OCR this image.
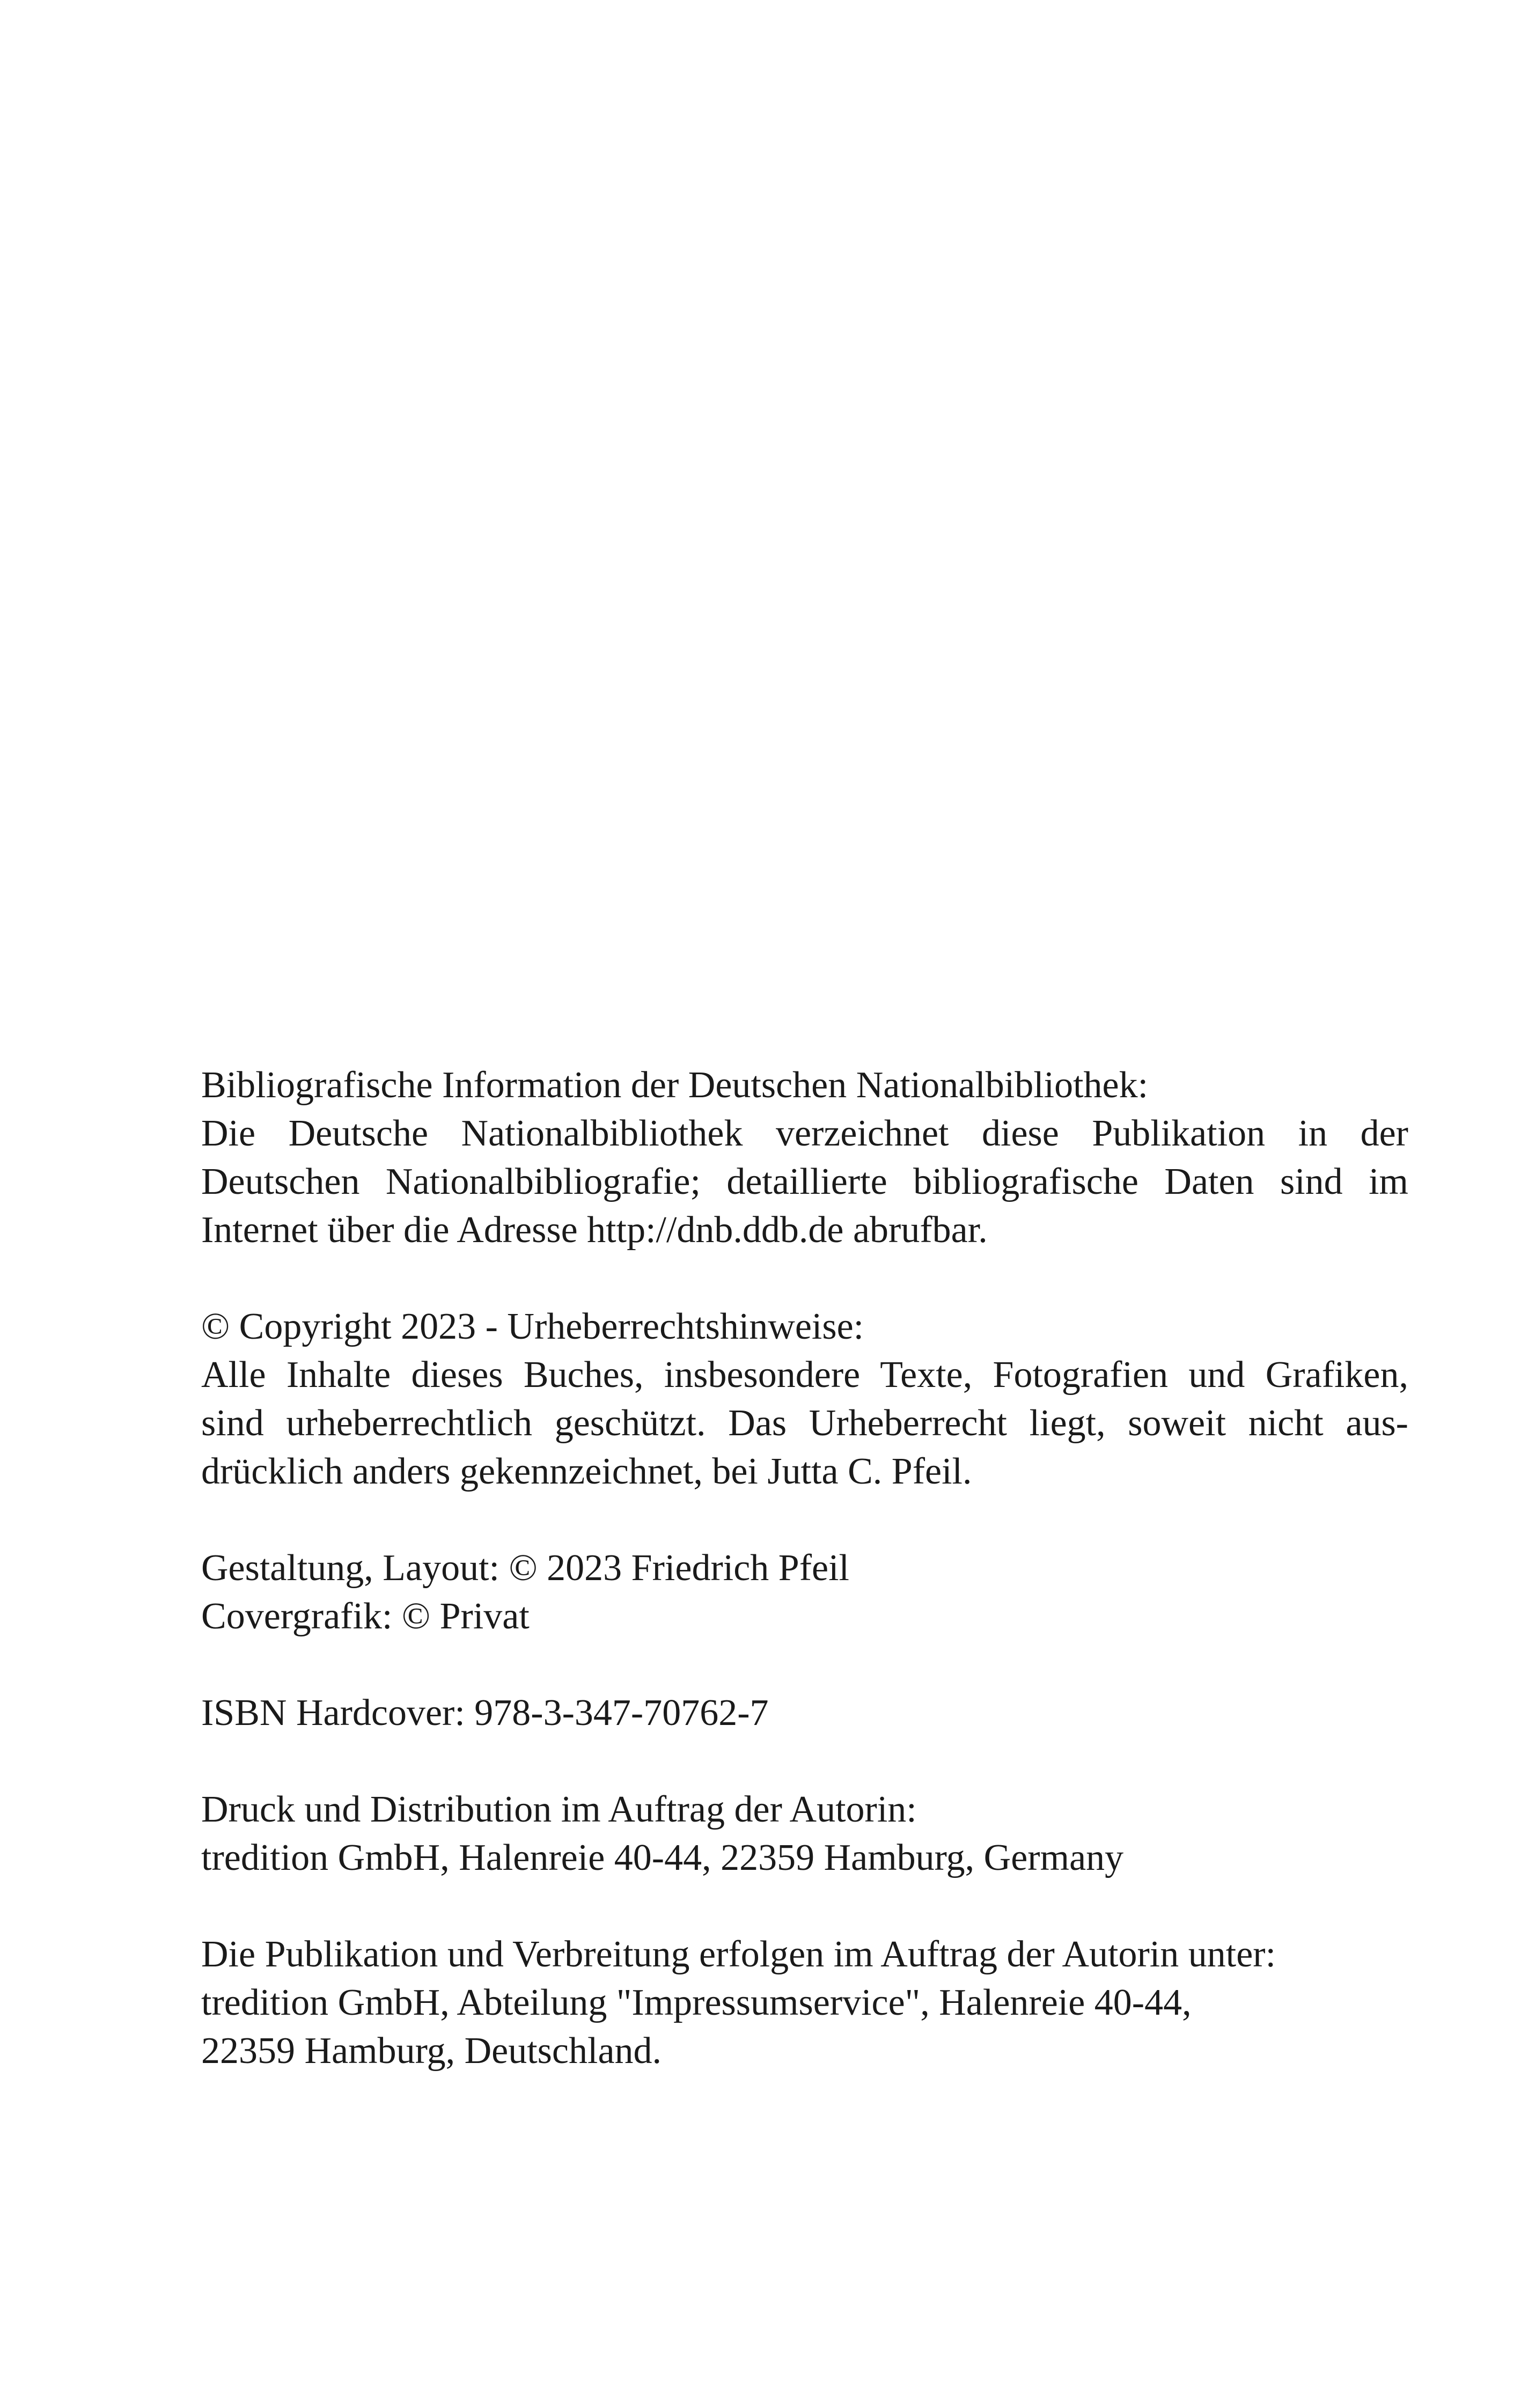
Bibliografische Information der Deutschen Nationalbibliothek:
Die Deutsche Nationalbibliothek verzeichnet diese Publikation in der
Deutschen Nationalbibliografie; detaillierte bibliografische Daten sind im
Internet über die Adresse http://dnb.ddb.de abrufbar.
© Copyright 2023 - Urheberrechtshinweise:
Alle Inhalte dieses Buches, insbesondere Texte, Fotografien und Grafiken,
sind urheberrechtlich geschützt. Das Urheberrecht liegt, soweit nicht aus-
drücklich anders gekennzeichnet, bei Jutta C. Pfeil.
Gestaltung, Layout: © 2023 Friedrich Pfeil
Covergrafik: © Privat
ISBN Hardcover: 978-3-347-70762-7
Druck und Distribution im Auftrag der Autorin:
tredition GmbH, Halenreie 40-44, 22359 Hamburg, Germany
Die Publikation und Verbreitung erfolgen im Auftrag der Autorin unter:
tredition GmbH, Abteilung "Impressumservice", Halenreie 40-44,
22359 Hamburg, Deutschland.
